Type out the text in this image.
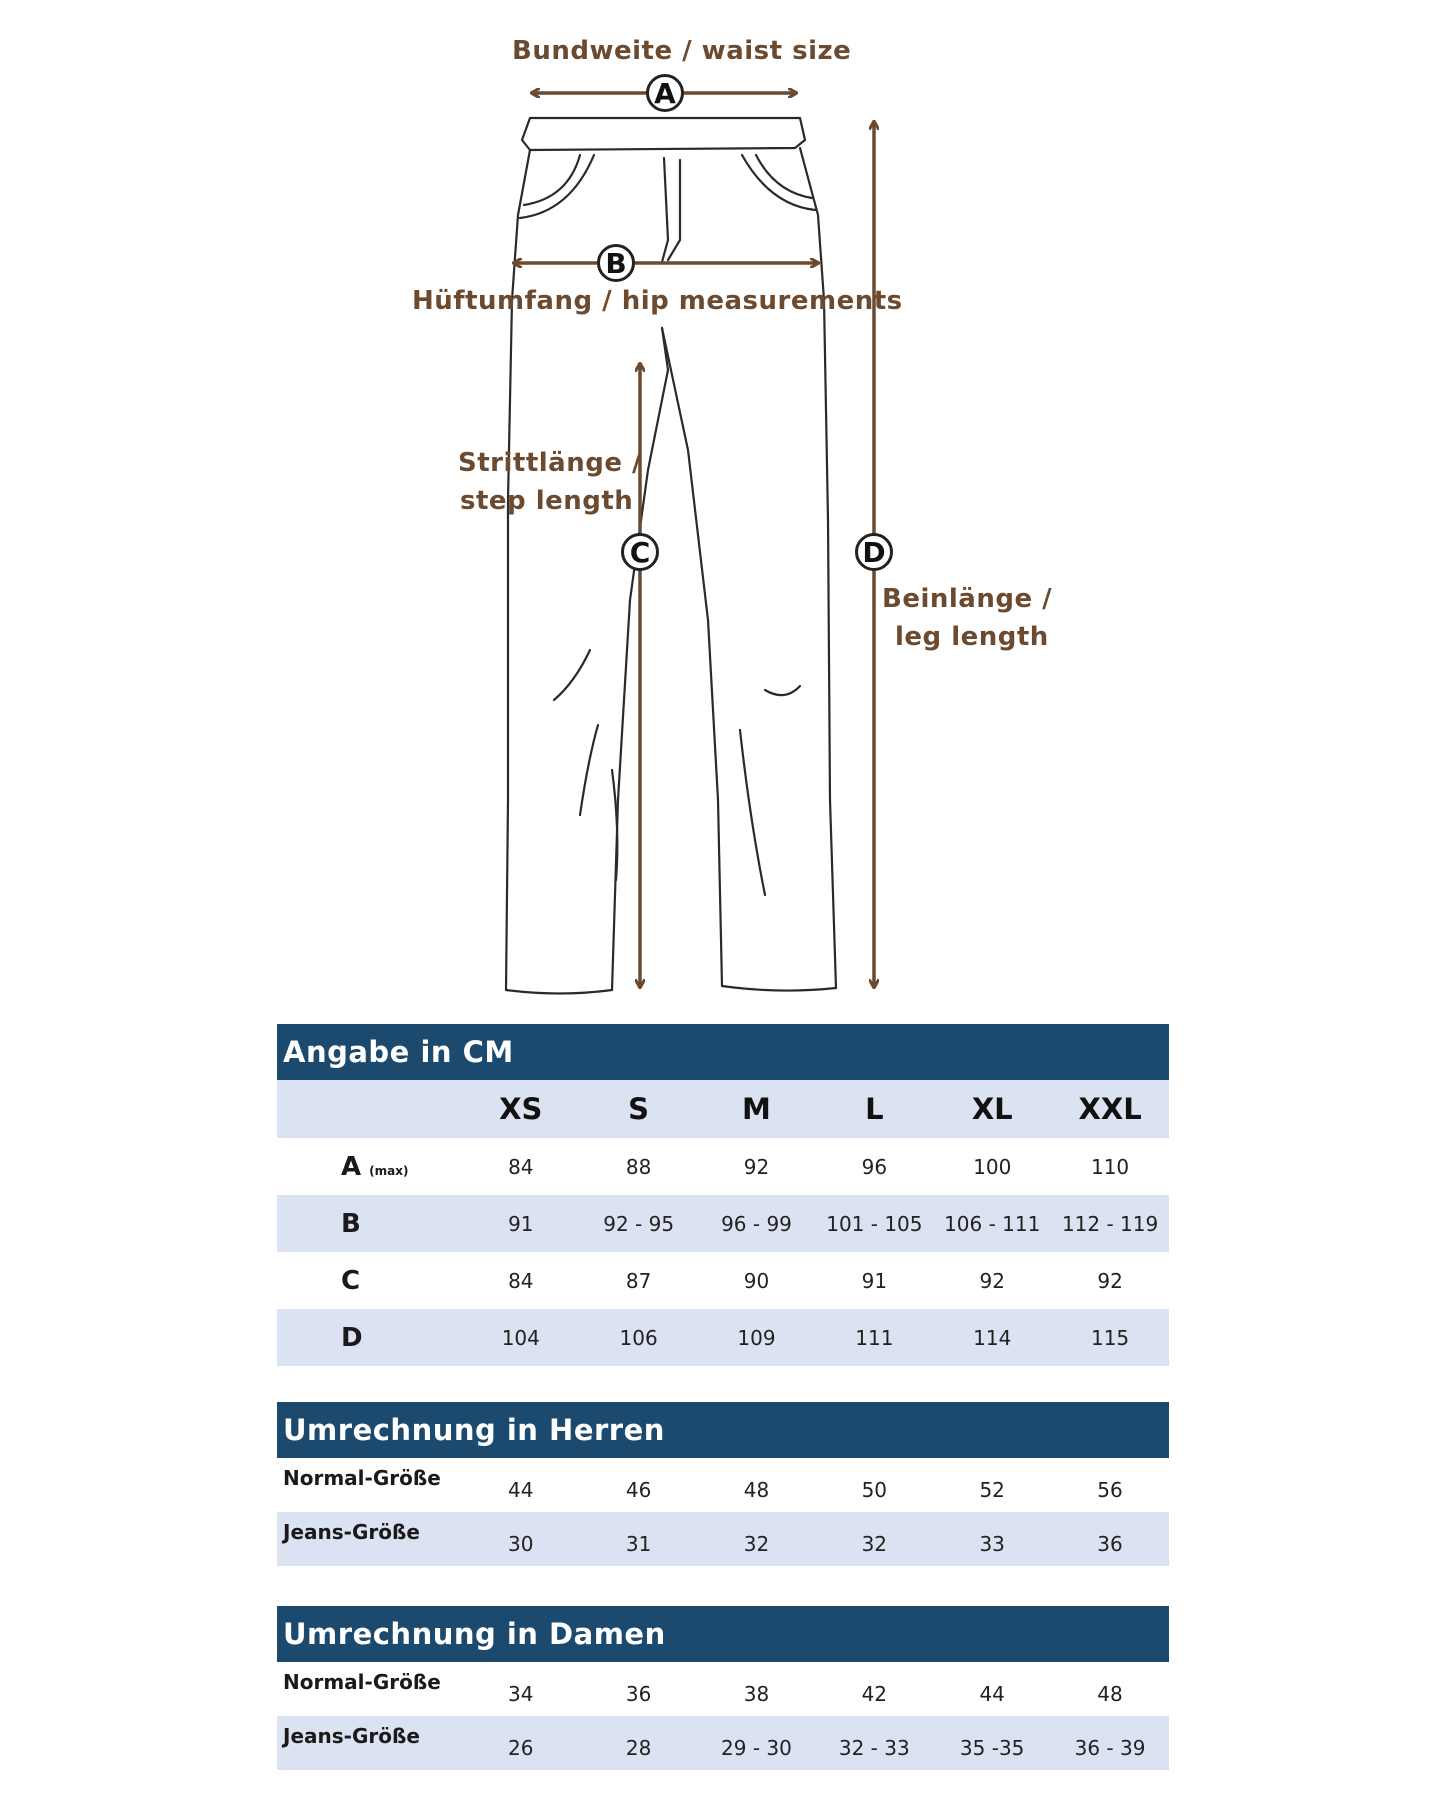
A
B
C	D
Bundweite / waist size
Hüftumfang / hip measurements
Strittlänge /
step length
Beinlänge /
leg length
Angabe in CM
XS	S	M	L	XL	XXL
A (max)	84	88	92	96	100	110
B	91	92 - 95	96 - 99	101 - 105	106 - 111	112 - 119
C	84	87	90	91	92	92
D	104	106	109	111	114	115
Umrechnung in Herren
Normal-Größe	44	46	48	50	52	56
Jeans-Größe	30	31	32	32	33	36
Umrechnung in Damen
Normal-Größe	34	36	38	42	44	48
Jeans-Größe	26	28	29 - 30	32 - 33	35 -35	36 - 39
